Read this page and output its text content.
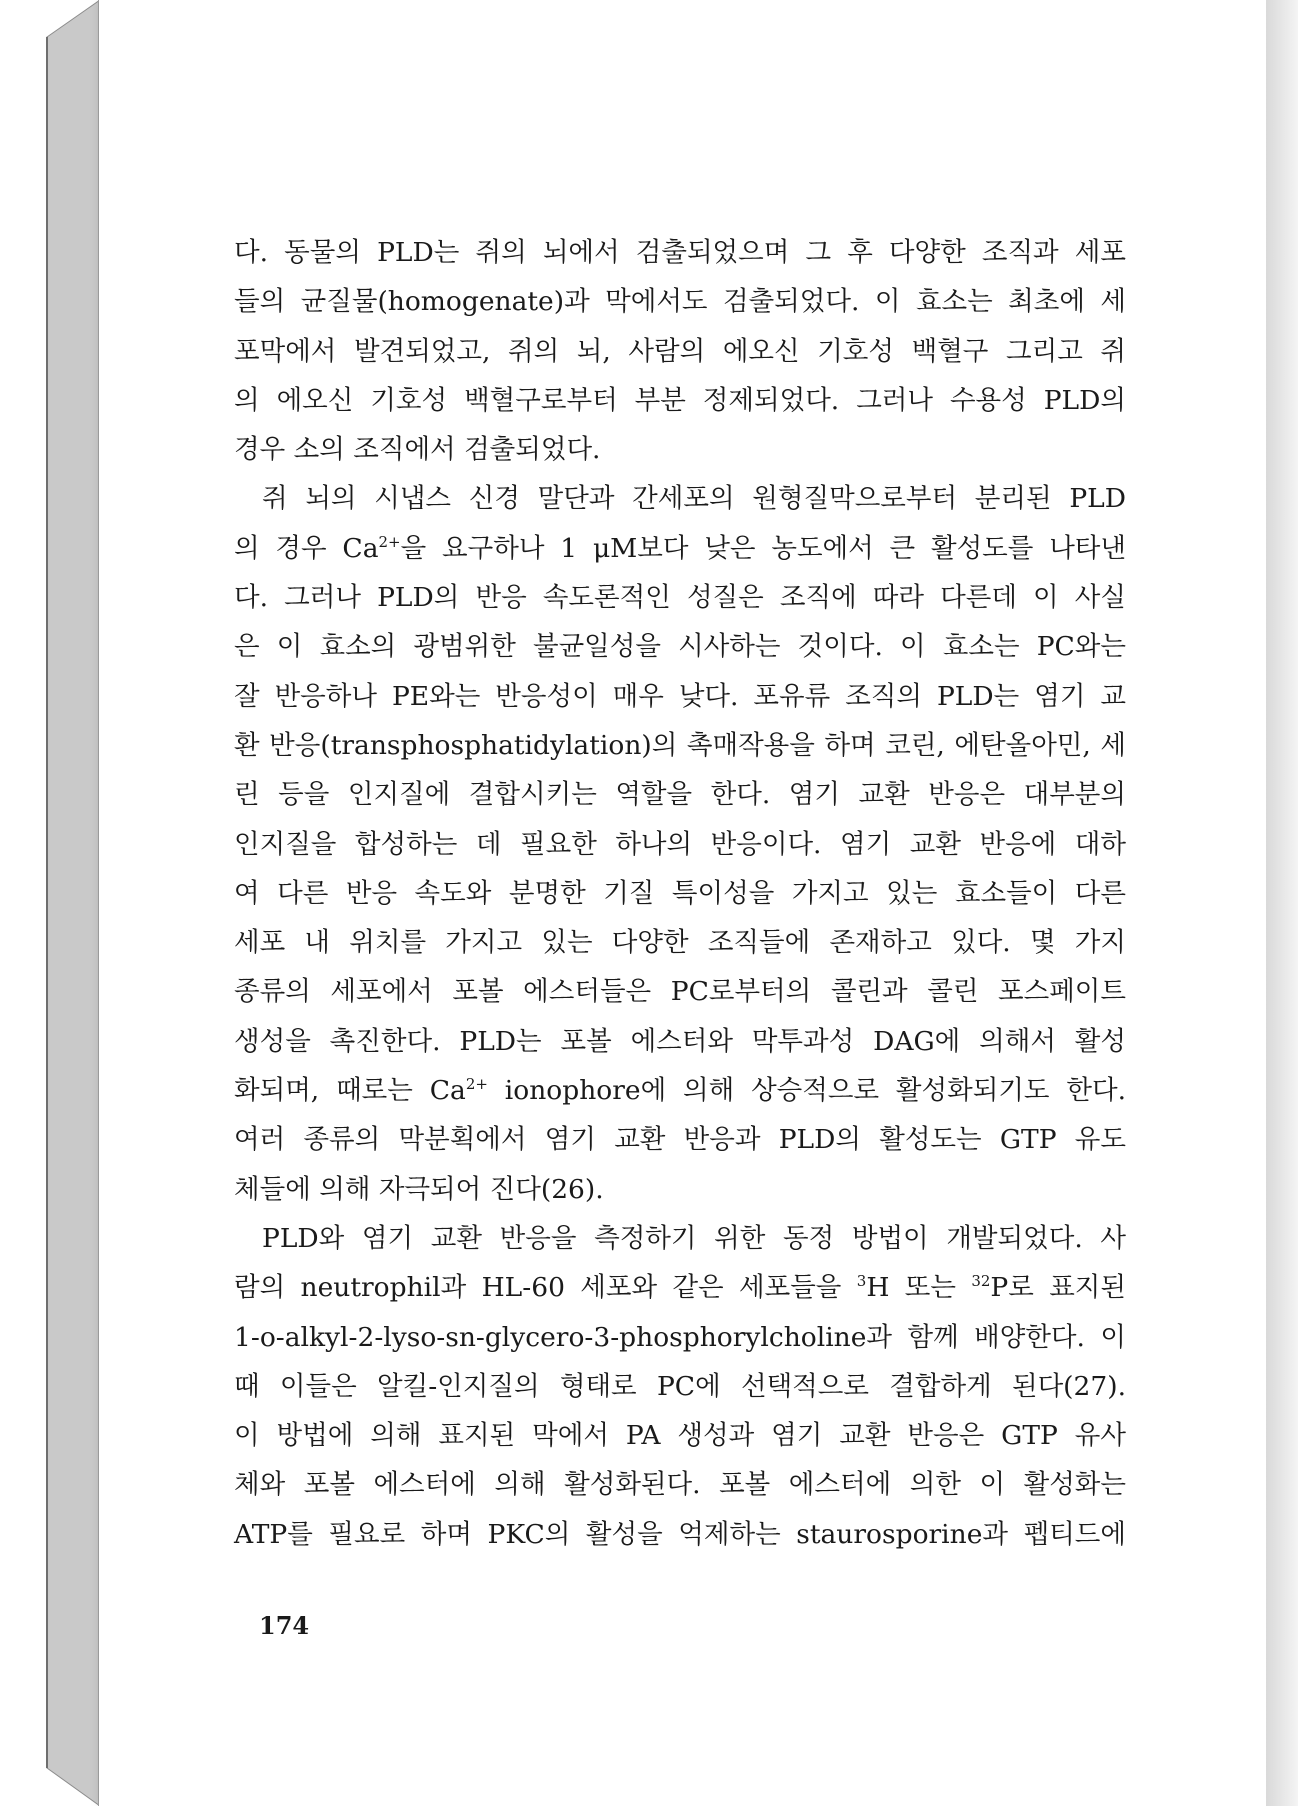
다. 동물의 PLD는 쥐의 뇌에서 검출되었으며 그 후 다양한 조직과 세포
들의 균질물(homogenate)과 막에서도 검출되었다. 이 효소는 최초에 세
포막에서 발견되었고, 쥐의 뇌, 사람의 에오신 기호성 백혈구 그리고 쥐
의 에오신 기호성 백혈구로부터 부분 정제되었다. 그러나 수용성 PLD의
경우 소의 조직에서 검출되었다.
쥐 뇌의 시냅스 신경 말단과 간세포의 원형질막으로부터 분리된 PLD
의 경우 $Ca^{2+}$을 요구하나 1 μM보다 낮은 농도에서 큰 활성도를 나타낸
다. 그러나 PLD의 반응 속도론적인 성질은 조직에 따라 다른데 이 사실
은 이 효소의 광범위한 불균일성을 시사하는 것이다. 이 효소는 PC와는
잘 반응하나 PE와는 반응성이 매우 낮다. 포유류 조직의 PLD는 염기 교
환 반응(transphosphatidylation)의 촉매작용을 하며 코린, 에탄올아민, 세
린 등을 인지질에 결합시키는 역할을 한다. 염기 교환 반응은 대부분의
인지질을 합성하는 데 필요한 하나의 반응이다. 염기 교환 반응에 대하
여 다른 반응 속도와 분명한 기질 특이성을 가지고 있는 효소들이 다른
세포 내 위치를 가지고 있는 다양한 조직들에 존재하고 있다. 몇 가지
종류의 세포에서 포볼 에스터들은 PC로부터의 콜린과 콜린 포스페이트
생성을 촉진한다. PLD는 포볼 에스터와 막투과성 DAG에 의해서 활성
화되며, 때로는 $Ca^{2+}$ ionophore에 의해 상승적으로 활성화되기도 한다.
여러 종류의 막분획에서 염기 교환 반응과 PLD의 활성도는 GTP 유도
체들에 의해 자극되어 진다(26).
PLD와 염기 교환 반응을 측정하기 위한 동정 방법이 개발되었다. 사
람의 neutrophil과 HL-60 세포와 같은 세포들을 $^3$H 또는 $^{32}$P로 표지된
1-o-alkyl-2-lyso-sn-glycero-3-phosphorylcholine과 함께 배양한다. 이
때 이들은 알킬-인지질의 형태로 PC에 선택적으로 결합하게 된다(27).
이 방법에 의해 표지된 막에서 PA 생성과 염기 교환 반응은 GTP 유사
체와 포볼 에스터에 의해 활성화된다. 포볼 에스터에 의한 이 활성화는
ATP를 필요로 하며 PKC의 활성을 억제하는 staurosporine과 펩티드에
174
